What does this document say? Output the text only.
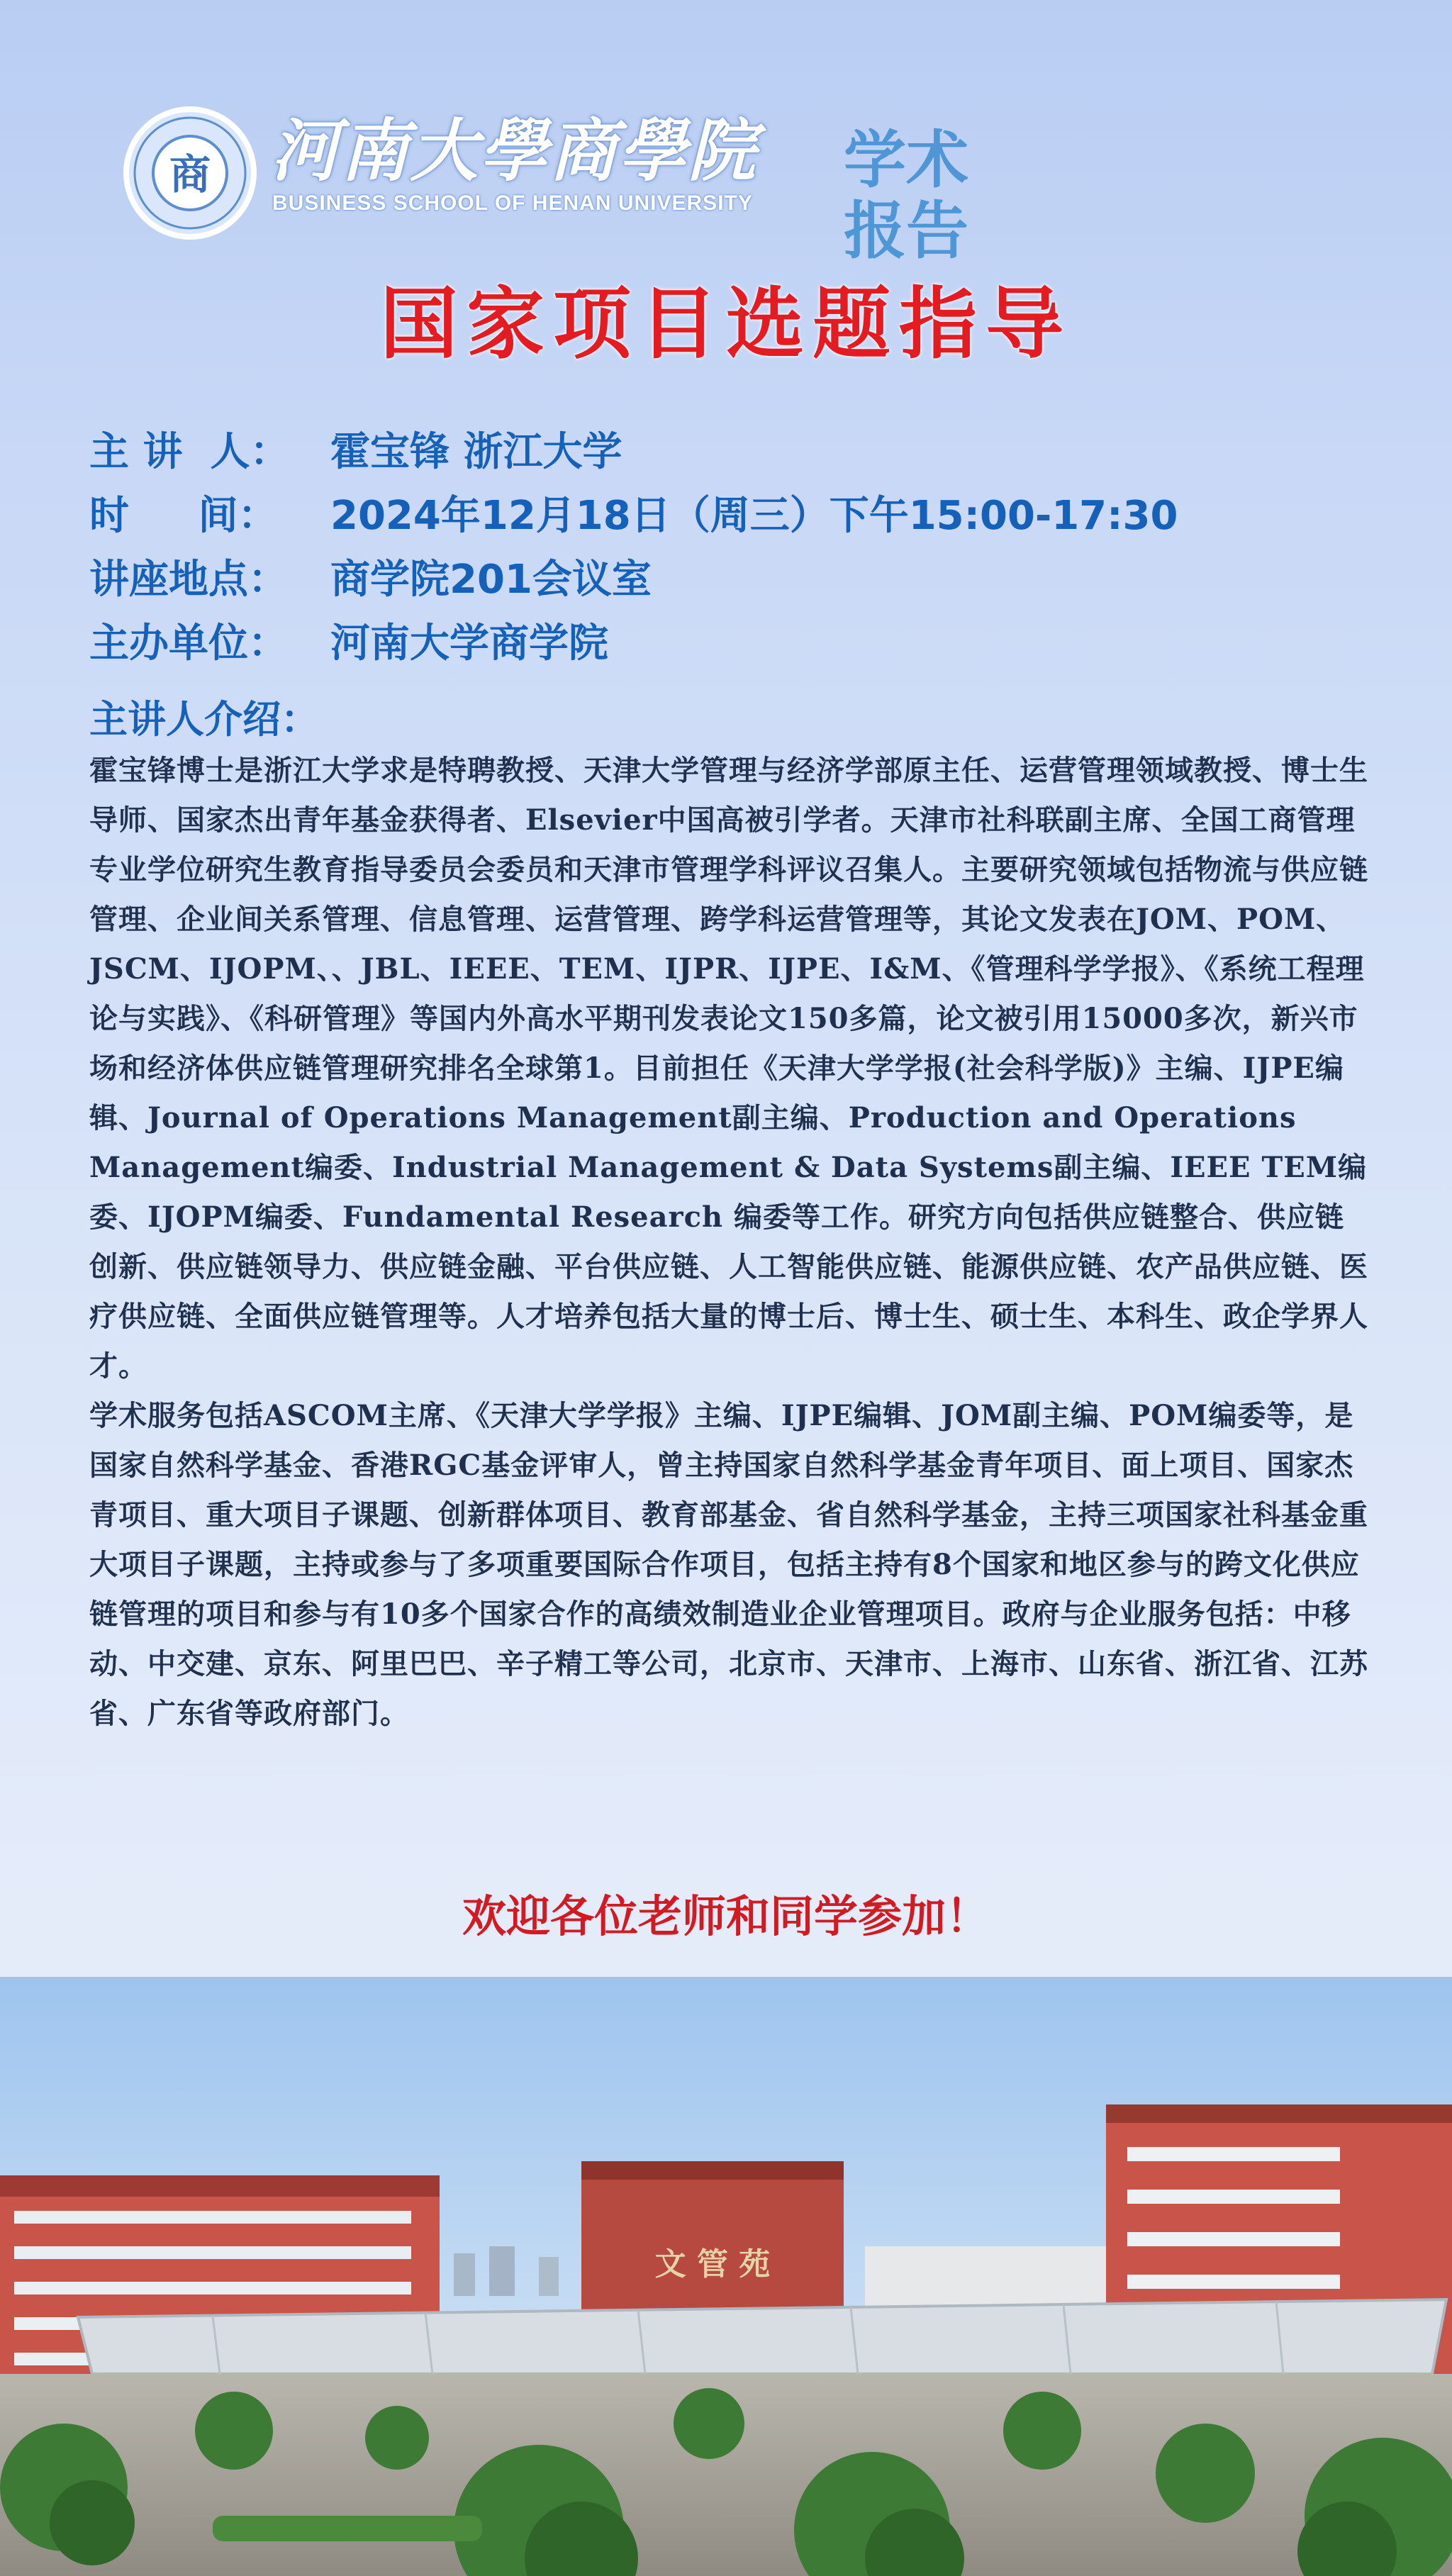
商 河南大學商學院
BUSINESS SCHOOL OF HENAN UNIVERSITY
学术报告
国家项目选题指导
主 讲  人：	霍宝锋 浙江大学
时     间：	2024年12月18日（周三）下午15:00-17:30
讲座地点：	商学院201会议室
主办单位：	河南大学商学院
主讲人介绍：

霍宝锋博士是浙江大学求是特聘教授、天津大学管理与经济学部原主任、运营管理领域教授、博士生导师、国家杰出青年基金获得者、Elsevier中国高被引学者。天津市社科联副主席、全国工商管理专业学位研究生教育指导委员会委员和天津市管理学科评议召集人。主要研究领域包括物流与供应链管理、企业间关系管理、信息管理、运营管理、跨学科运营管理等，其论文发表在JOM、POM、JSCM、IJOPM、、JBL、IEEE、TEM、IJPR、IJPE、I&M、《管理科学学报》、《系统工程理论与实践》、《科研管理》等国内外高水平期刊发表论文150多篇，论文被引用15000多次，新兴市场和经济体供应链管理研究排名全球第1。目前担任《天津大学学报(社会科学版)》主编、IJPE编辑、Journal of Operations Management副主编、Production and Operations Management编委、Industrial Management & Data Systems副主编、IEEE TEM编委、IJOPM编委、Fundamental Research 编委等工作。研究方向包括供应链整合、供应链创新、供应链领导力、供应链金融、平台供应链、人工智能供应链、能源供应链、农产品供应链、医疗供应链、全面供应链管理等。人才培养包括大量的博士后、博士生、硕士生、本科生、政企学界人才。

学术服务包括ASCOM主席、《天津大学学报》主编、IJPE编辑、JOM副主编、POM编委等，是国家自然科学基金、香港RGC基金评审人，曾主持国家自然科学基金青年项目、面上项目、国家杰青项目、重大项目子课题、创新群体项目、教育部基金、省自然科学基金，主持三项国家社科基金重大项目子课题，主持或参与了多项重要国际合作项目，包括主持有8个国家和地区参与的跨文化供应链管理的项目和参与有10多个国家合作的高绩效制造业企业管理项目。政府与企业服务包括：中移动、中交建、京东、阿里巴巴、辛子精工等公司，北京市、天津市、上海市、山东省、浙江省、江苏省、广东省等政府部门。

欢迎各位老师和同学参加！
文 管 苑
